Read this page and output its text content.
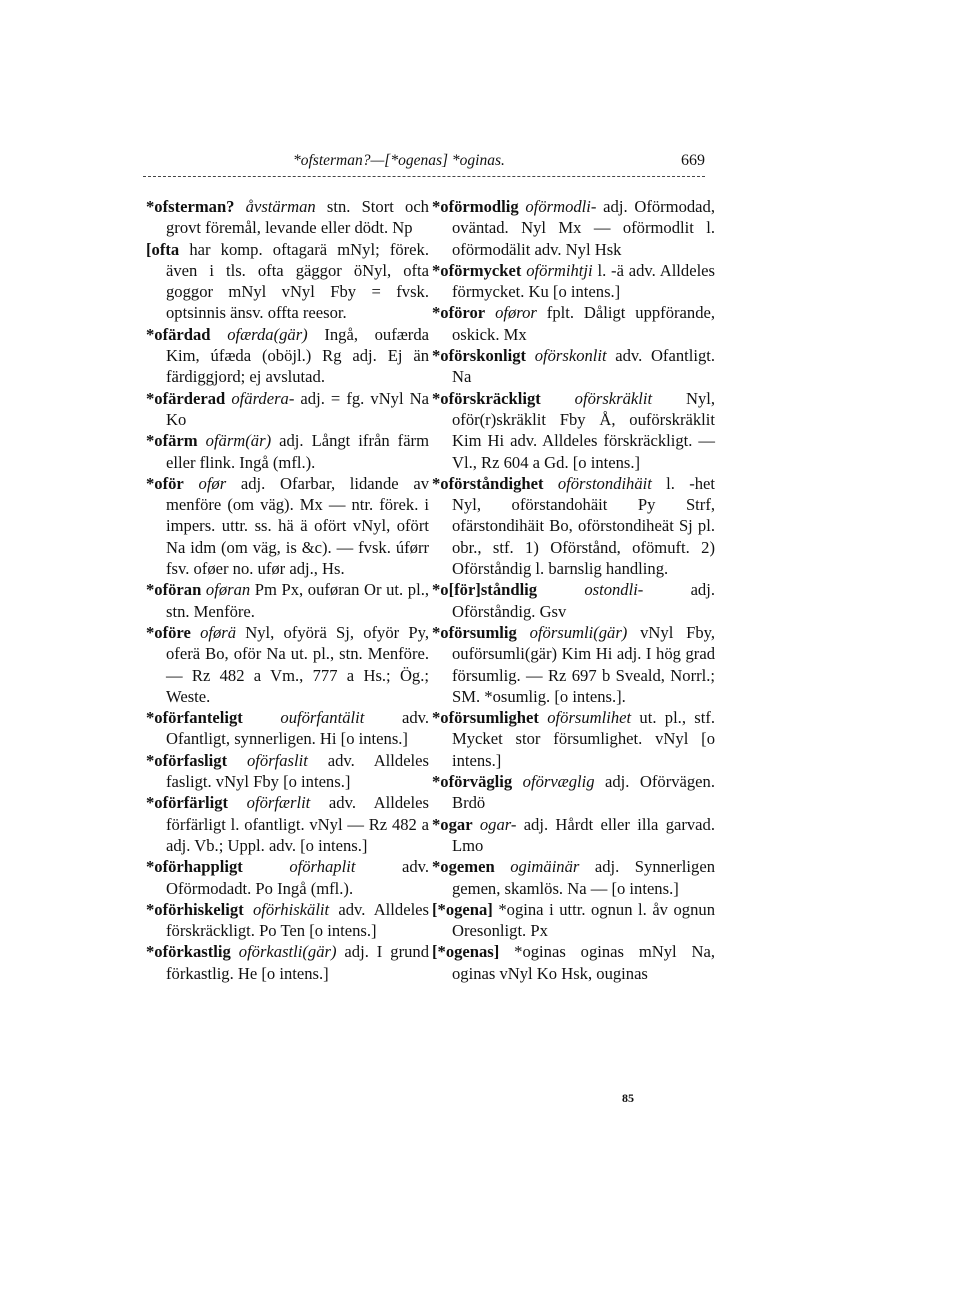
*ofsterman?—[*ogenas] *oginas.	669

*ofsterman? åvstärman stn. Stort och grovt föremål, levande eller dödt. Np

[ofta har komp. oftagarä mNyl; förek. även i tls. ofta gäggor öNyl, ofta goggor mNyl vNyl Fby = fvsk. optsinnis änsv. offta reesor.

*ofärdad ofærda(gär) Ingå, oufærda Kim, úfæda (oböjl.) Rg adj. Ej än färdiggjord; ej avslutad.

*ofärderad ofärdera- adj. = fg. vNyl Na Ko

*ofärm ofärm(är) adj. Långt ifrån färm eller flink. Ingå (mfl.).

*oför ofør adj. Ofarbar, lidande av menföre (om väg). Mx — ntr. förek. i impers. uttr. ss. hä ä ofört vNyl, ofört Na idm (om väg, is &c). — fvsk. úførr fsv. oføer no. ufør adj., Hs.

*oföran oføran Pm Px, ouføran Or ut. pl., stn. Menföre.

*oföre oførä Nyl, ofyörä Sj, ofyör Py, oferä Bo, oför Na ut. pl., stn. Menföre. — Rz 482 a Vm., 777 a Hs.; Ög.; Weste.

*oförfanteligt ouförfantälit adv. Ofantligt, synnerligen. Hi [o intens.]

*oförfasligt oförfaslit adv. Alldeles fasligt. vNyl Fby [o intens.]

*oförfärligt oförfærlit adv. Alldeles förfärligt l. ofantligt. vNyl — Rz 482 a adj. Vb.; Uppl. adv. [o intens.]

*oförhappligt	oförhaplit adv. Oförmodadt. Po Ingå (mfl.).

*oförhiskeligt oförhiskälit adv. Alldeles förskräckligt. Po Ten [o intens.]

*oförkastlig oförkastli(gär) adj. I grund förkastlig. He [o intens.]

*oförmodlig oförmodli- adj. Oförmodad, oväntad. Nyl Mx — oförmodlit l. oförmodälit adv. Nyl Hsk

*oförmycket oförmihtji l. -ä adv. Alldeles förmycket. Ku [o intens.]

*oföror oføror fplt. Dåligt uppförande, oskick. Mx

*oförskonligt oförskonlit adv. Ofantligt. Na

*oförskräckligt oförskräklit Nyl, oför(r)skräklit Fby Å, ouförskräklit Kim Hi adv. Alldeles förskräckligt. — Vl., Rz 604 a Gd. [o intens.]

*oförståndighet oförstondihäit l. -het Nyl, oförstandohäit Py Strf, ofärstondihäit Bo, oförstondiheät Sj pl. obr., stf. 1) Oförstånd, ofömuft. 2) Oförståndig l. barnslig handling.

*o[för]ståndlig	ostondli- adj. Oförståndig. Gsv

*oförsumlig oförsumli(gär) vNyl Fby, ouförsumli(gär) Kim Hi adj. I hög grad försumlig. — Rz 697 b Sveald, Norrl.; SM. *osumlig. [o intens.].

*oförsumlighet oförsumlihet ut. pl., stf. Mycket stor försumlighet. vNyl [o intens.]

*oförväglig oförvæglig adj. Oförvägen. Brdö

*ogar ogar- adj. Hårdt eller illa garvad. Lmo

*ogemen ogimäinär adj. Synnerligen gemen, skamlös. Na — [o intens.]

[*ogena] *ogina i uttr. ognun l. åv ognun Oresonligt. Px

[*ogenas] *oginas oginas mNyl Na, oginas vNyl Ko Hsk, ouginas

85
